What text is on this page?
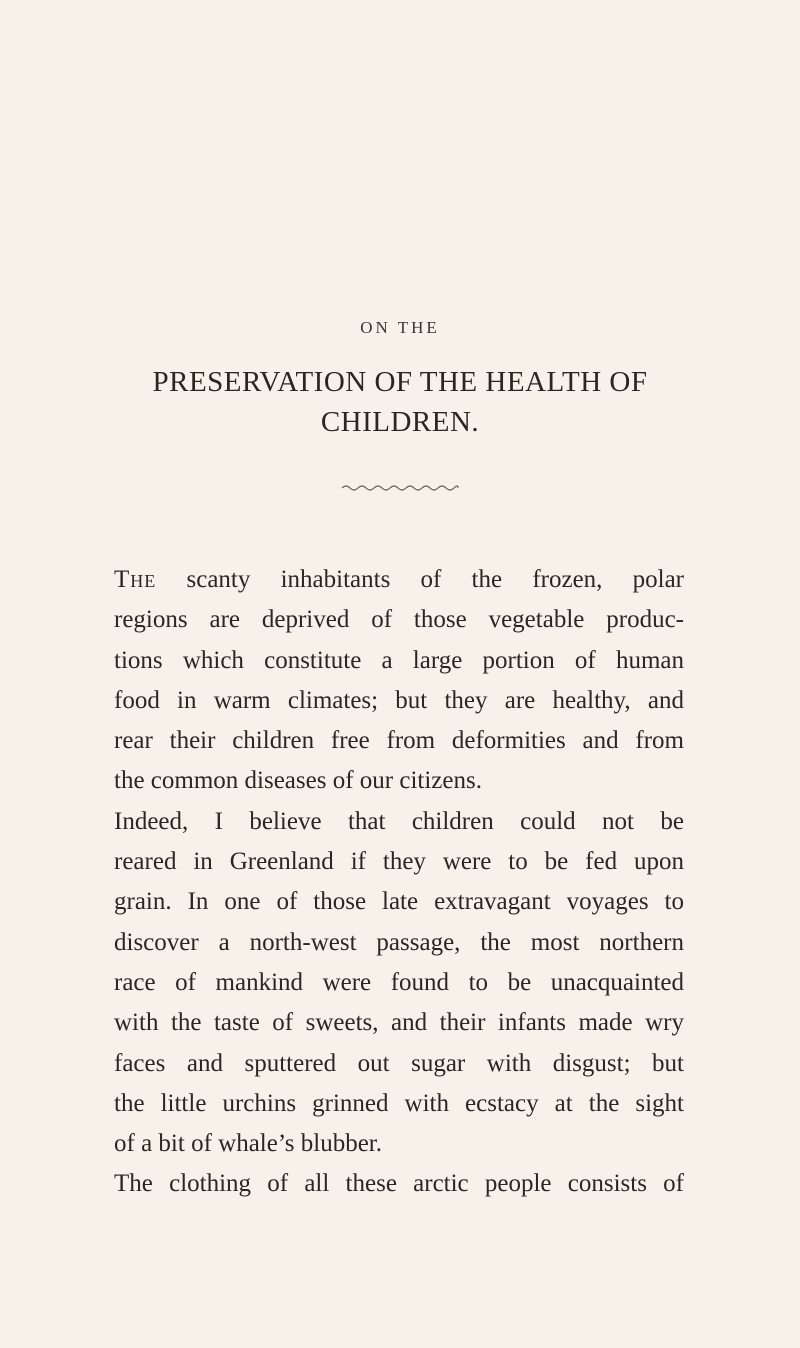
ON THE
PRESERVATION OF THE HEALTH OF
CHILDREN.

The scanty inhabitants of the frozen, polar
regions are deprived of those vegetable produc-
tions which constitute a large portion of human
food in warm climates; but they are healthy, and
rear their children free from deformities and from
the common diseases of our citizens.

Indeed, I believe that children could not be
reared in Greenland if they were to be fed upon
grain. In one of those late extravagant voyages to
discover a north-west passage, the most northern
race of mankind were found to be unacquainted
with the taste of sweets, and their infants made wry
faces and sputtered out sugar with disgust; but
the little urchins grinned with ecstacy at the sight
of a bit of whale’s blubber.

The clothing of all these arctic people consists of
